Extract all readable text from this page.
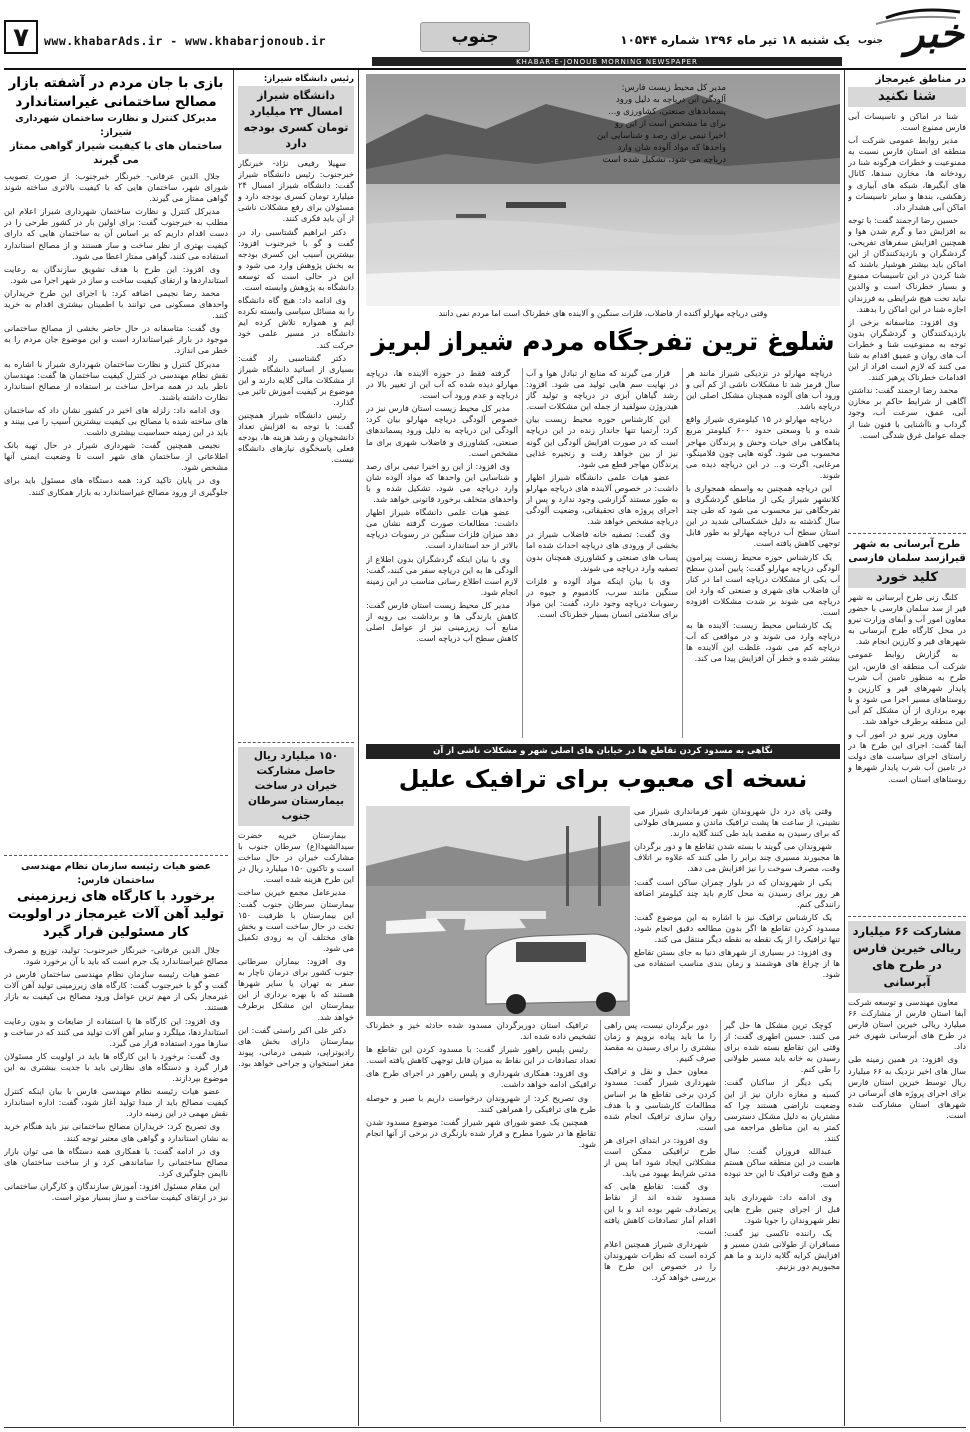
۷	www.khabarAds.ir - www.khabarjonoub.ir	جنوب	یک شنبه ۱۸ تیر ماه ۱۳۹۶ شماره ۱۰۵۴۴ خبر
جنوب
KHABAR-E-JONOUB MORNING NEWSPAPER
در مناطق غیرمجاز
شنا نکنید

شنا در اماکن و تاسیسات آبی فارس ممنوع است.

مدیر روابط عمومی شرکت آب منطقه ای استان فارس نسبت به ممنوعیت و خطرات هرگونه شنا در رودخانه ها، مخازن سدها، کانال های آبگیرها، شبکه های آبیاری و زهکشی، بندها و سایر تاسیسات و اماکن آبی هشدار داد.

حسین رضا ارجمند گفت: با توجه به افزایش دما و گرم شدن هوا و همچنین افزایش سفرهای تفریحی، گردشگران و بازدیدکنندگان از این اماکن باید بیشتر هوشیار باشند که شنا کردن در این تاسیسات ممنوع و بسیار خطرناک است و والدین نباید تحت هیچ شرایطی به فرزندان اجازه شنا در این اماکن را بدهند.

وی افزود: متاسفانه برخی از بازدیدکنندگان و گردشگران بدون توجه به ممنوعیت شنا و خطرات آب های روان و عمیق اقدام به شنا می کنند که لازم است افراد از این اقدامات خطرناک پرهیز کنند.

محمد رضا ارجمند گفت: نداشتن آگاهی از شرایط حاکم بر مخازن آبی، عمق، سرعت آب، وجود گرداب و ناآشنایی با فنون شنا از جمله عوامل غرق شدگی است.

طرح آبرسانی به شهر قیرازسد سلمان فارسی
کلید خورد

کلنگ زنی طرح آبرسانی به شهر قیر از سد سلمان فارسی با حضور معاون امور آب و آبفای وزارت نیرو در محل کارگاه طرح آبرسانی به شهرهای قیر و کارزین انجام شد.

به گزارش روابط عمومی شرکت آب منطقه ای فارس، این طرح به منظور تامین آب شرب پایدار شهرهای قیر و کارزین و روستاهای مسیر اجرا می شود و با بهره برداری از آن مشکل کم آبی این منطقه برطرف خواهد شد.

معاون وزیر نیرو در امور آب و آبفا گفت: اجرای این طرح ها در راستای اجرای سیاست های دولت در تامین آب شرب پایدار شهرها و روستاهای استان است.

مشارکت ۶۶ میلیارد ریالی خیرین فارس در طرح های آبرسانی

معاون مهندسی و توسعه شرکت آبفا استان فارس از مشارکت ۶۶ میلیارد ریالی خیرین استان فارس در طرح های آبرسانی شهری خبر داد.

وی افزود: در همین زمینه طی سال های اخیر نزدیک به ۶۶ میلیارد ریال توسط خیرین استان فارس برای اجرای پروژه های آبرسانی در شهرهای استان مشارکت شده است.

مدیر کل محیط زیست فارس: آلودگی این دریاچه به دلیل ورود پسماندهای صنعتی، کشاورزی و... برای ما مشخص است از این رو اخیرا تیمی برای رصد و شناسایی این واحدها که مواد آلوده شان وارد دریاچه می شود، تشکیل شده است
وقتی دریاچه مهارلو آکنده از فاضلاب، فلزات سنگین و آلاینده های خطرناک است اما مردم نمی دانند
شلوغ ترین تفرجگاه مردم شیراز لبریز

دریاچه مهارلو در نزدیکی شیراز مانند هر سال قرمز شد تا مشکلات ناشی از کم آبی و ورود آب های آلوده همچنان مشکل اصلی این دریاچه باشد.

دریاچه مهارلو در ۱۵ کیلومتری شیراز واقع شده و با وسعتی حدود ۶۰۰ کیلومتر مربع پناهگاهی برای حیات وحش و پرندگان مهاجر محسوب می شود. گونه هایی چون فلامینگو، مرغابی، اگرت و... در این دریاچه دیده می شوند.

این دریاچه همچنین به واسطه همجواری با کلانشهر شیراز یکی از مناطق گردشگری و تفرجگاهی نیز محسوب می شود که طی چند سال گذشته به دلیل خشکسالی شدید در این استان سطح آب دریاچه مهارلو به طور قابل توجهی کاهش یافته است.

یک کارشناس حوزه محیط زیست پیرامون آلودگی دریاچه مهارلو گفت: پایین آمدن سطح آب یکی از مشکلات دریاچه است اما در کنار آن فاضلاب های شهری و صنعتی که وارد این دریاچه می شوند بر شدت مشکلات افزوده است.

یک کارشناس محیط زیست: آلاینده ها به دریاچه وارد می شوند و در مواقعی که آب دریاچه کم می شود، غلظت این آلاینده ها بیشتر شده و خطر آن افزایش پیدا می کند.

قرار می گیرند که منابع از تبادل هوا و آب در نهایت سم هایی تولید می شود. افزود: رشد گیاهان آبزی در دریاچه و تولید گاز هیدروژن سولفید از جمله این مشکلات است.

این کارشناس حوزه محیط زیست بیان کرد: آرتمیا تنها جاندار زنده در این دریاچه است که در صورت افزایش آلودگی این گونه نیز از بین خواهد رفت و زنجیره غذایی پرندگان مهاجر قطع می شود.

عضو هیات علمی دانشگاه شیراز اظهار داشت: در خصوص آلاینده های دریاچه مهارلو به طور مستند گزارشی وجود ندارد و پس از اجرای پروژه های تحقیقاتی، وضعیت آلودگی دریاچه مشخص خواهد شد.

وی گفت: تصفیه خانه فاضلاب شیراز در بخشی از ورودی های دریاچه احداث شده اما پساب های صنعتی و کشاورزی همچنان بدون تصفیه وارد دریاچه می شوند.

وی با بیان اینکه مواد آلوده و فلزات سنگین مانند سرب، کادمیوم و جیوه در رسوبات دریاچه وجود دارد، گفت: این مواد برای سلامتی انسان بسیار خطرناک است.

گرفته فقط در حوزه آلاینده ها، دریاچه مهارلو دیده شده که آب این از تغییر بالا در دریاچه و عدم ورود آب است.

مدیر کل محیط زیست استان فارس نیز در خصوص آلودگی دریاچه مهارلو بیان کرد: آلودگی این دریاچه به دلیل ورود پسماندهای صنعتی، کشاورزی و فاضلاب شهری برای ما مشخص است.

وی افزود: از این رو اخیرا تیمی برای رصد و شناسایی این واحدها که مواد آلوده شان وارد دریاچه می شود، تشکیل شده و با واحدهای متخلف برخورد قانونی خواهد شد.

عضو هیات علمی دانشگاه شیراز اظهار داشت: مطالعات صورت گرفته نشان می دهد میزان فلزات سنگین در رسوبات دریاچه بالاتر از حد استاندارد است.

وی با بیان اینکه گردشگران بدون اطلاع از آلودگی ها به این دریاچه سفر می کنند، گفت: لازم است اطلاع رسانی مناسب در این زمینه انجام شود.

مدیر کل محیط زیست استان فارس گفت: کاهش بارندگی ها و برداشت بی رویه از منابع آب زیرزمینی نیز از عوامل اصلی کاهش سطح آب دریاچه است.

نگاهی به مسدود کردن تقاطع ها در خیابان های اصلی شهر و مشکلات ناشی از آن
نسخه ای معیوب برای ترافیک علیل

وقتی پای درد دل شهروندان شهر فرمانداری شیراز می نشینی، از ساعت ها پشت ترافیک ماندن و مسیرهای طولانی که برای رسیدن به مقصد باید طی کنند گلایه دارند.

شهروندان می گویند با بسته شدن تقاطع ها و دور برگردان ها مجبورند مسیری چند برابر را طی کنند که علاوه بر اتلاف وقت، مصرف سوخت را نیز افزایش می دهد.

یکی از شهروندان که در بلوار چمران ساکن است گفت: هر روز برای رسیدن به محل کارم باید چند کیلومتر اضافه رانندگی کنم.

یک کارشناس ترافیک نیز با اشاره به این موضوع گفت: مسدود کردن تقاطع ها اگر بدون مطالعه دقیق انجام شود، تنها ترافیک را از یک نقطه به نقطه دیگر منتقل می کند.

وی افزود: در بسیاری از شهرهای دنیا به جای بستن تقاطع ها از چراغ های هوشمند و زمان بندی مناسب استفاده می شود.

کوچک ترین مشکل ها حل گیر می کنند. حسین اطهری گفت: از وقتی این تقاطع بسته شده برای رسیدن به خانه باید مسیر طولانی را طی کنم.

یکی دیگر از ساکنان گفت: کسبه و مغازه داران نیز از این وضعیت ناراضی هستند چرا که مشتریان به دلیل مشکل دسترسی کمتر به این مناطق مراجعه می کنند.

عبدالله فروزان گفت: سال هاست در این منطقه ساکن هستم و هیچ وقت ترافیک تا این حد نبوده است.

وی ادامه داد: شهرداری باید قبل از اجرای چنین طرح هایی نظر شهروندان را جویا شود.

یک راننده تاکسی نیز گفت: مسافران از طولانی شدن مسیر و افزایش کرایه گلایه دارند و ما هم مجبوریم دور بزنیم.

دور برگردان نیست، پس راهی را ما باید پیاده برویم و زمان بیشتری را برای رسیدن به مقصد صرف کنیم.

معاون حمل و نقل و ترافیک شهرداری شیراز گفت: مسدود کردن برخی تقاطع ها بر اساس مطالعات کارشناسی و با هدف روان سازی ترافیک انجام شده است.

وی افزود: در ابتدای اجرای هر طرح ترافیکی ممکن است مشکلاتی ایجاد شود اما پس از مدتی شرایط بهبود می یابد.

وی گفت: تقاطع هایی که مسدود شده اند از نقاط پرتصادف شهر بوده اند و با این اقدام آمار تصادفات کاهش یافته است.

شهرداری شیراز همچنین اعلام کرده است که نظرات شهروندان را در خصوص این طرح ها بررسی خواهد کرد.

ترافیک استان دوربرگردان مسدود شده حادثه خیز و خطرناک تشخیص داده شده اند.

رئیس پلیس راهور شیراز گفت: با مسدود کردن این تقاطع ها تعداد تصادفات در این نقاط به میزان قابل توجهی کاهش یافته است.

وی افزود: همکاری شهرداری و پلیس راهور در اجرای طرح های ترافیکی ادامه خواهد داشت.

وی تصریح کرد: از شهروندان درخواست داریم با صبر و حوصله طرح های ترافیکی را همراهی کنند.

همچنین یک عضو شورای شهر شیراز گفت: موضوع مسدود شدن تقاطع ها در شورا مطرح و قرار شده بازنگری در برخی از آنها انجام شود.

رئیس دانشگاه شیراز:
دانشگاه شیراز امسال ۲۴ میلیارد تومان کسری بودجه دارد

سهیلا رفیعی نژاد- خبرنگار خبرجنوب: رئیس دانشگاه شیراز گفت: دانشگاه شیراز امسال ۲۴ میلیارد تومان کسری بودجه دارد و مسئولان برای رفع مشکلات ناشی از آن باید فکری کنند.

دکتر ابراهیم گشتاسبی راد در گفت و گو با خبرجنوب افزود: بیشترین آسیب این کسری بودجه به بخش پژوهش وارد می شود و این در حالی است که توسعه دانشگاه به پژوهش وابسته است.

وی ادامه داد: هیچ گاه دانشگاه را به مسائل سیاسی وابسته نکرده ایم و همواره تلاش کرده ایم دانشگاه در مسیر علمی خود حرکت کند.

دکتر گشتاسبی راد گفت: بسیاری از اساتید دانشگاه شیراز از مشکلات مالی گلایه دارند و این موضوع بر کیفیت آموزش تاثیر می گذارد.

رئیس دانشگاه شیراز همچنین گفت: با توجه به افزایش تعداد دانشجویان و رشد هزینه ها، بودجه فعلی پاسخگوی نیازهای دانشگاه نیست.

۱۵۰ میلیارد ریال حاصل مشارکت خیران در ساخت بیمارستان سرطان جنوب

بیمارستان خیریه حضرت سیدالشهدا(ع) سرطان جنوب با مشارکت خیران در حال ساخت است و تاکنون ۱۵۰ میلیارد ریال در این طرح هزینه شده است.

مدیرعامل مجمع خیرین ساخت بیمارستان سرطان جنوب گفت: این بیمارستان با ظرفیت ۱۵۰ تخت در حال ساخت است و بخش های مختلف آن به زودی تکمیل می شود.

وی افزود: بیماران سرطانی جنوب کشور برای درمان ناچار به سفر به تهران یا سایر شهرها هستند که با بهره برداری از این بیمارستان این مشکل برطرف خواهد شد.

دکتر علی اکبر راستی گفت: این بیمارستان دارای بخش های رادیوتراپی، شیمی درمانی، پیوند مغز استخوان و جراحی خواهد بود.

بازی با جان مردم در آشفته بازار مصالح ساختمانی غیراستاندارد
مدیرکل کنترل و نظارت ساختمان شهرداری شیراز:
ساختمان های با کیفیت شیراز گواهی ممتاز می گیرند

جلال الدین عرفانی- خبرنگار خبرجنوب: از صورت تصویب شورای شهر، ساختمان هایی که با کیفیت بالاتری ساخته شوند گواهی ممتاز می گیرند.

مدیرکل کنترل و نظارت ساختمان شهرداری شیراز اعلام این مطلب به خبرجنوب گفت: برای اولین بار در کشور طرحی را در دست اقدام داریم که بر اساس آن به ساختمان هایی که دارای کیفیت بهتری از نظر ساخت و ساز هستند و از مصالح استاندارد استفاده می کنند، گواهی ممتاز اعطا می شود.

وی افزود: این طرح با هدف تشویق سازندگان به رعایت استانداردها و ارتقای کیفیت ساخت و ساز در شهر اجرا می شود.

محمد رضا نجیمی اضافه کرد: با اجرای این طرح خریداران واحدهای مسکونی می توانند با اطمینان بیشتری اقدام به خرید کنند.

وی گفت: متاسفانه در حال حاضر بخشی از مصالح ساختمانی موجود در بازار غیراستاندارد است و این موضوع جان مردم را به خطر می اندازد.

مدیرکل کنترل و نظارت ساختمان شهرداری شیراز با اشاره به نقش نظام مهندسی در کنترل کیفیت ساختمان ها گفت: مهندسان ناظر باید در همه مراحل ساخت بر استفاده از مصالح استاندارد نظارت داشته باشند.

وی ادامه داد: زلزله های اخیر در کشور نشان داد که ساختمان های ساخته شده با مصالح بی کیفیت بیشترین آسیب را می بینند و باید در این زمینه حساسیت بیشتری داشت.

نجیمی همچنین گفت: شهرداری شیراز در حال تهیه بانک اطلاعاتی از ساختمان های شهر است تا وضعیت ایمنی آنها مشخص شود.

وی در پایان تاکید کرد: همه دستگاه های مسئول باید برای جلوگیری از ورود مصالح غیراستاندارد به بازار همکاری کنند.

عضو هیات رئیسه سازمان نظام مهندسی ساختمان فارس:
برخورد با کارگاه های زیرزمینی تولید آهن آلات غیرمجاز در اولویت کار مسئولین قرار گیرد

جلال الدین عرفانی- خبرنگار خبرجنوب: تولید، توزیع و مصرف مصالح غیراستاندارد یک جرم است که باید با آن برخورد شود.

عضو هیات رئیسه سازمان نظام مهندسی ساختمان فارس در گفت و گو با خبرجنوب گفت: کارگاه های زیرزمینی تولید آهن آلات غیرمجاز یکی از مهم ترین عوامل ورود مصالح بی کیفیت به بازار هستند.

وی افزود: این کارگاه ها با استفاده از ضایعات و بدون رعایت استانداردها، میلگرد و سایر آهن آلات تولید می کنند که در ساخت و سازها مورد استفاده قرار می گیرد.

وی گفت: برخورد با این کارگاه ها باید در اولویت کار مسئولان قرار گیرد و دستگاه های نظارتی باید با جدیت بیشتری به این موضوع بپردازند.

عضو هیات رئیسه نظام مهندسی فارس با بیان اینکه کنترل کیفیت مصالح باید از مبدا تولید آغاز شود، گفت: اداره استاندارد نقش مهمی در این زمینه دارد.

وی تصریح کرد: خریداران مصالح ساختمانی نیز باید هنگام خرید به نشان استاندارد و گواهی های معتبر توجه کنند.

وی در ادامه گفت: با همکاری همه دستگاه ها می توان بازار مصالح ساختمانی را ساماندهی کرد و از ساخت ساختمان های ناایمن جلوگیری کرد.

این مقام مسئول افزود: آموزش سازندگان و کارگران ساختمانی نیز در ارتقای کیفیت ساخت و ساز بسیار موثر است.
